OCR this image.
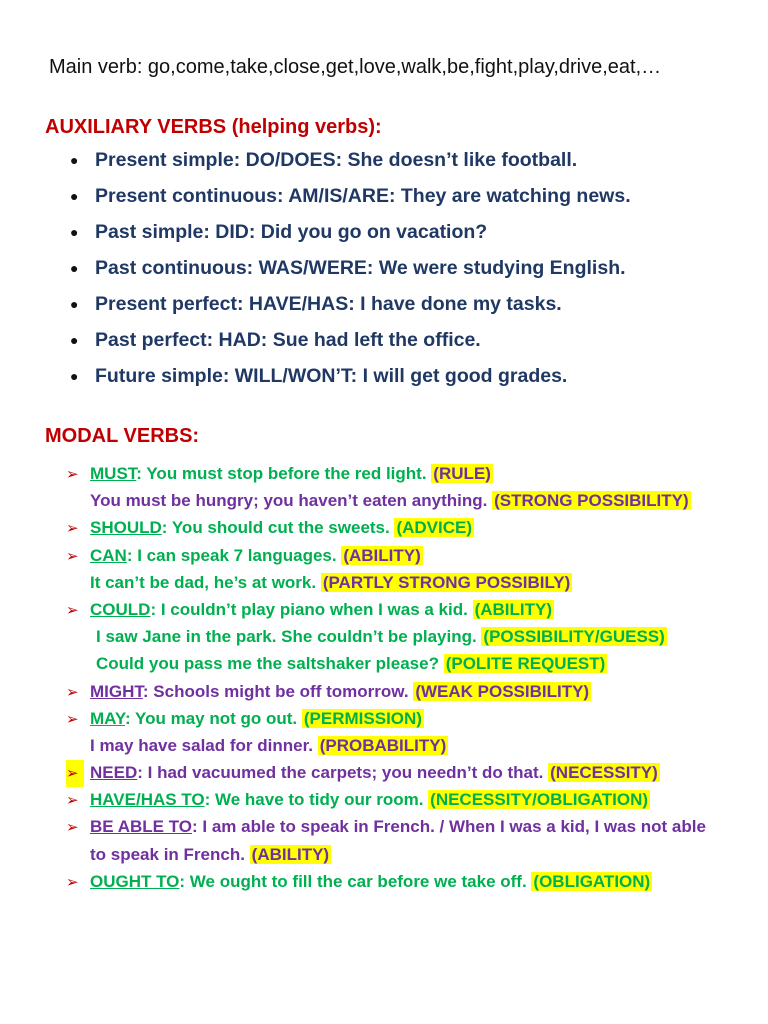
Main verb: go,come,take,close,get,love,walk,be,fight,play,drive,eat,…
AUXILIARY VERBS (helping verbs):
● Present simple: DO/DOES: She doesn’t like football.
● Present continuous: AM/IS/ARE: They are watching news.
● Past simple: DID: Did you go on vacation?
● Past continuous: WAS/WERE: We were studying English.
● Present perfect: HAVE/HAS: I have done my tasks.
● Past perfect: HAD: Sue had left the office.
● Future simple: WILL/WON’T: I will get good grades.
MODAL VERBS:
➢ MUST: You must stop before the red light. (RULE)
You must be hungry; you haven’t eaten anything. (STRONG POSSIBILITY)
➢ SHOULD: You should cut the sweets. (ADVICE)
➢ CAN: I can speak 7 languages. (ABILITY)
It can’t be dad, he’s at work. (PARTLY STRONG POSSIBILY)
➢ COULD: I couldn’t play piano when I was a kid. (ABILITY)
I saw Jane in the park. She couldn’t be playing. (POSSIBILITY/GUESS)
Could you pass me the saltshaker please? (POLITE REQUEST)
➢ MIGHT: Schools might be off tomorrow. (WEAK POSSIBILITY)
➢ MAY: You may not go out. (PERMISSION)
I may have salad for dinner. (PROBABILITY)
➢ NEED: I had vacuumed the carpets; you needn’t do that. (NECESSITY)
➢ HAVE/HAS TO: We have to tidy our room. (NECESSITY/OBLIGATION)
➢ BE ABLE TO: I am able to speak in French. / When I was a kid, I was not able
to speak in French. (ABILITY)
➢ OUGHT TO: We ought to fill the car before we take off. (OBLIGATION)
